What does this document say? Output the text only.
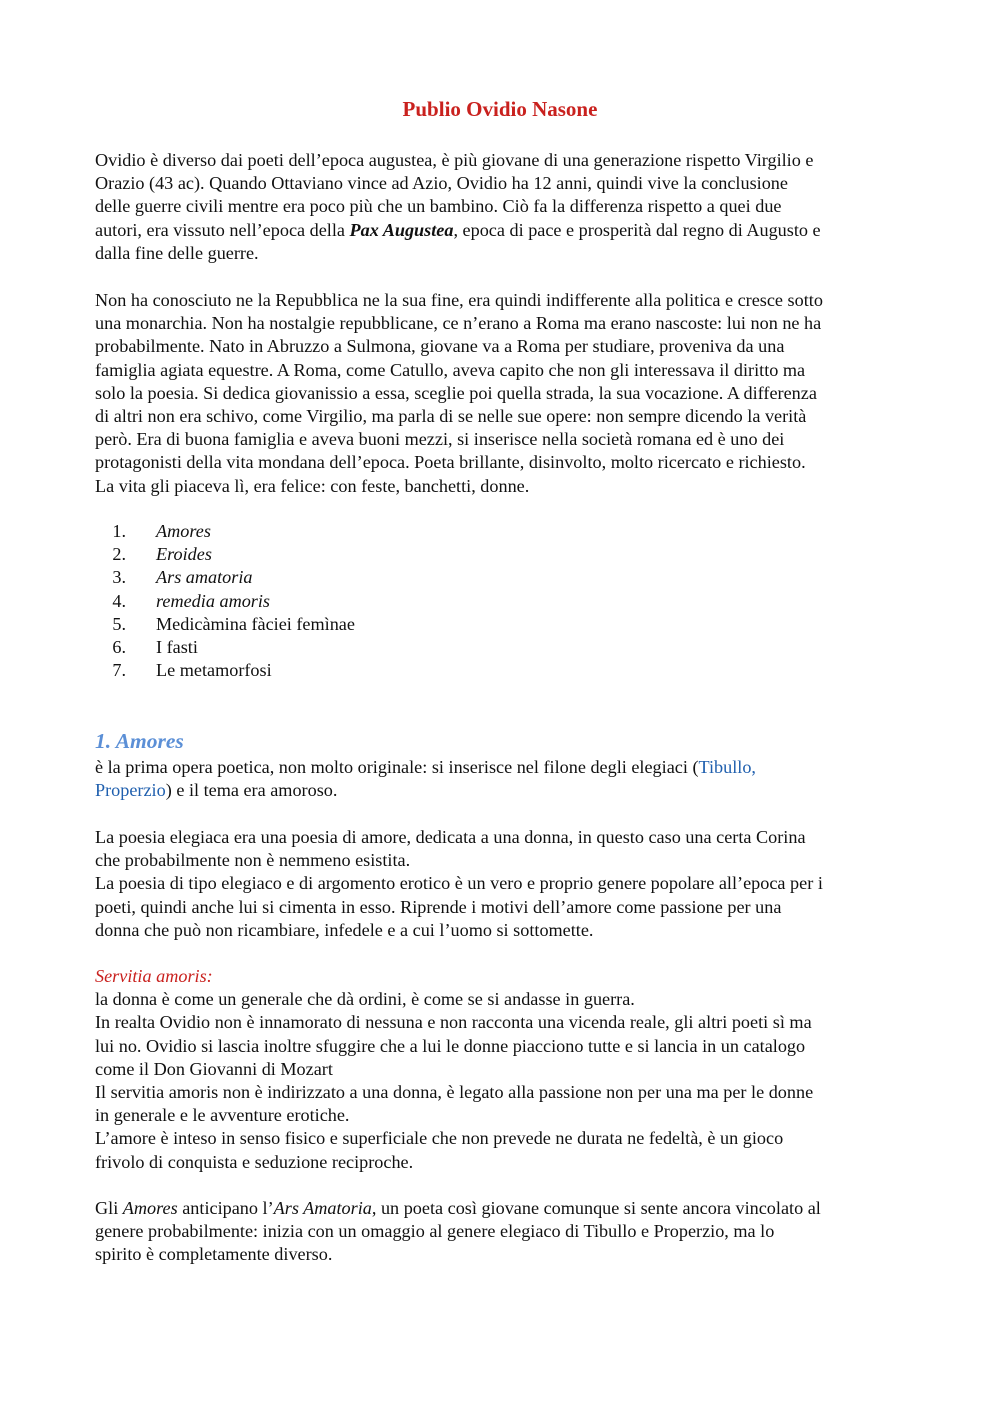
Publio Ovidio Nasone
Ovidio è diverso dai poeti dell’epoca augustea, è più giovane di una generazione rispetto Virgilio e
Orazio (43 ac). Quando Ottaviano vince ad Azio, Ovidio ha 12 anni, quindi vive la conclusione
delle guerre civili mentre era poco più che un bambino. Ciò fa la differenza rispetto a quei due
autori, era vissuto nell’epoca della Pax Augustea, epoca di pace e prosperità dal regno di Augusto e
dalla fine delle guerre.
Non ha conosciuto ne la Repubblica ne la sua fine, era quindi indifferente alla politica e cresce sotto
una monarchia. Non ha nostalgie repubblicane, ce n’erano a Roma ma erano nascoste: lui non ne ha
probabilmente. Nato in Abruzzo a Sulmona, giovane va a Roma per studiare, proveniva da una
famiglia agiata equestre. A Roma, come Catullo, aveva capito che non gli interessava il diritto ma
solo la poesia. Si dedica giovanissio a essa, sceglie poi quella strada, la sua vocazione. A differenza
di altri non era schivo, come Virgilio, ma parla di se nelle sue opere: non sempre dicendo la verità
però. Era di buona famiglia e aveva buoni mezzi, si inserisce nella società romana ed è uno dei
protagonisti della vita mondana dell’epoca. Poeta brillante, disinvolto, molto ricercato e richiesto.
La vita gli piaceva lì, era felice: con feste, banchetti, donne.
1. Amores
2. Eroides
3. Ars amatoria
4. remedia amoris
5. Medicàmina fàciei femìnae
6. I fasti
7. Le metamorfosi
1. Amores
è la prima opera poetica, non molto originale: si inserisce nel filone degli elegiaci (Tibullo,
Properzio) e il tema era amoroso.
La poesia elegiaca era una poesia di amore, dedicata a una donna, in questo caso una certa Corina
che probabilmente non è nemmeno esistita.
La poesia di tipo elegiaco e di argomento erotico è un vero e proprio genere popolare all’epoca per i
poeti, quindi anche lui si cimenta in esso. Riprende i motivi dell’amore come passione per una
donna che può non ricambiare, infedele e a cui l’uomo si sottomette.
Servitia amoris:
la donna è come un generale che dà ordini, è come se si andasse in guerra.
In realta Ovidio non è innamorato di nessuna e non racconta una vicenda reale, gli altri poeti sì ma
lui no. Ovidio si lascia inoltre sfuggire che a lui le donne piacciono tutte e si lancia in un catalogo
come il Don Giovanni di Mozart
Il servitia amoris non è indirizzato a una donna, è legato alla passione non per una ma per le donne
in generale e le avventure erotiche.
L’amore è inteso in senso fisico e superficiale che non prevede ne durata ne fedeltà, è un gioco
frivolo di conquista e seduzione reciproche.
Gli Amores anticipano l’Ars Amatoria, un poeta così giovane comunque si sente ancora vincolato al
genere probabilmente: inizia con un omaggio al genere elegiaco di Tibullo e Properzio, ma lo
spirito è completamente diverso.
